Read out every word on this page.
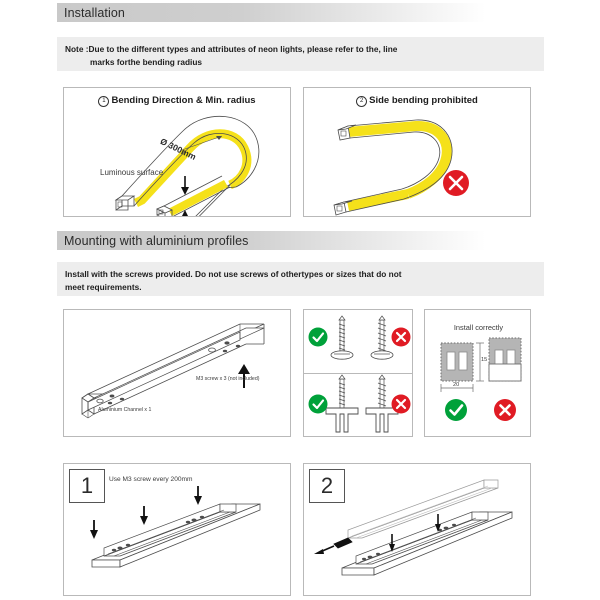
Installation

Note :Due to the different types and attributes of neon lights, please refer to the, line

marks forthe bending radius

1 Bending Direction & Min. radius
Ø 300mm
Luminous surface
2 Side bending prohibited
Mounting with aluminium profiles

Install with the screws provided. Do not use screws of othertypes or sizes that do not

meet requirements.

M3 screw x 3 (not included)
Aluminium Channel x 1
Install correctly
15
20
1 Use M3 screw every 200mm	2
